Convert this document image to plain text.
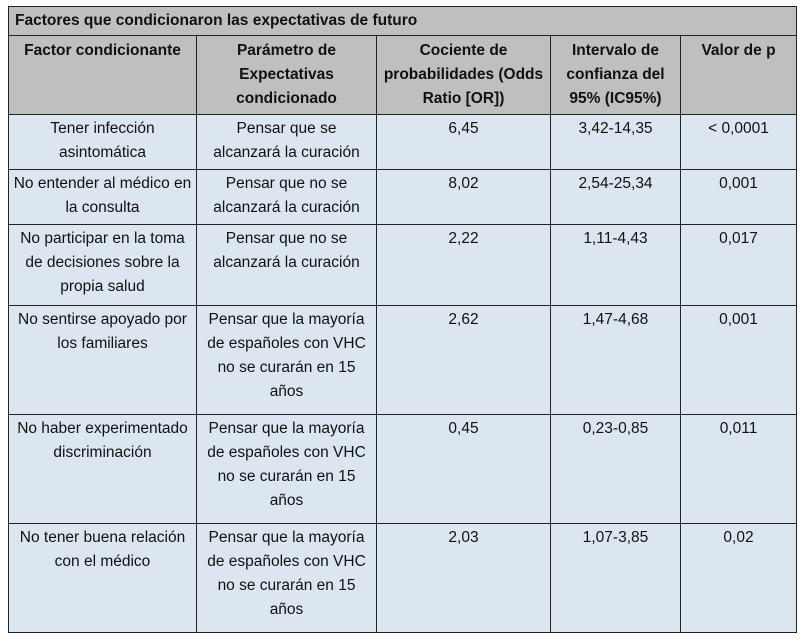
Factores que condicionaron las expectativas de futuro				
Factor condicionante	Parámetro de Expectativas condicionado	Cociente de probabilidades (Odds Ratio [OR])	Intervalo de confianza del 95% (IC95%)	Valor de p
Tener infección asintomática	Pensar que se alcanzará la curación	6,45	3,42-14,35	< 0,0001
No entender al médico en la consulta	Pensar que no se alcanzará la curación	8,02	2,54-25,34	0,001
No participar en la toma de decisiones sobre la propia salud	Pensar que no se alcanzará la curación	2,22	1,11-4,43	0,017
No sentirse apoyado por los familiares	Pensar que la mayoría de españoles con VHC no se curarán en 15 años	2,62	1,47-4,68	0,001
No haber experimentado discriminación	Pensar que la mayoría de españoles con VHC no se curarán en 15 años	0,45	0,23-0,85	0,011
No tener buena relación con el médico	Pensar que la mayoría de españoles con VHC no se curarán en 15 años	2,03	1,07-3,85	0,02
